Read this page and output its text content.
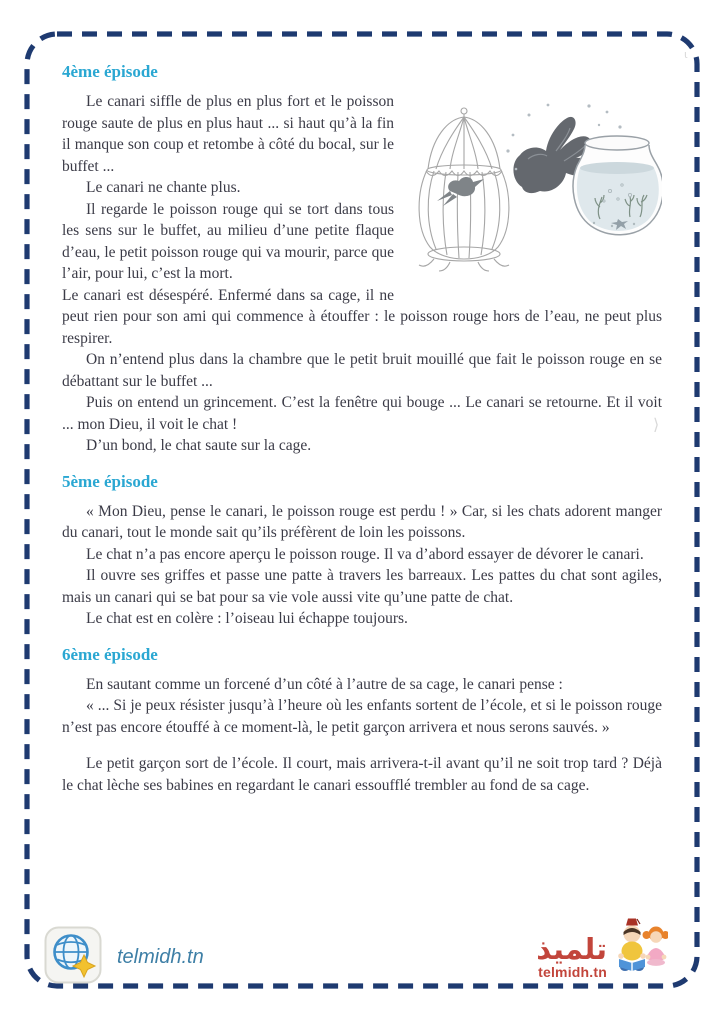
ι
⟩
4ème épisode

Le canari siffle de plus en plus fort et le poisson rouge saute de plus en plus haut ... si haut qu’à la fin il manque son coup et retombe à côté du bocal, sur le buffet ...

Le canari ne chante plus.

Il regarde le poisson rouge qui se tort dans tous les sens sur le buffet, au milieu d’une petite flaque d’eau, le petit poisson rouge qui va mourir, parce que l’air, pour lui, c’est la mort.

Le canari est désespéré. Enfermé dans sa cage, il ne peut rien pour son ami qui commence à étouffer : le poisson rouge hors de l’eau, ne peut plus respirer.

On n’entend plus dans la chambre que le petit bruit mouillé que fait le poisson rouge en se débattant sur le buffet ...

Puis on entend un grincement. C’est la fenêtre qui bouge ... Le canari se retourne. Et il voit ... mon Dieu, il voit le chat !

D’un bond, le chat saute sur la cage.

5ème épisode

« Mon Dieu, pense le canari, le poisson rouge est perdu ! » Car, si les chats adorent manger du canari, tout le monde sait qu’ils préfèrent de loin les poissons.

Le chat n’a pas encore aperçu le poisson rouge. Il va d’abord essayer de dévorer le canari.

Il ouvre ses griffes et passe une patte à travers les barreaux. Les pattes du chat sont agiles, mais un canari qui se bat pour sa vie vole aussi vite qu’une patte de chat.

Le chat est en colère : l’oiseau lui échappe toujours.

6ème épisode

En sautant comme un forcené d’un côté à l’autre de sa cage, le canari pense :

« ... Si je peux résister jusqu’à l’heure où les enfants sortent de l’école, et si le poisson rouge n’est pas encore étouffé à ce moment-là, le petit garçon arrivera et nous serons sauvés. »

Le petit garçon sort de l’école. Il court, mais arrivera-t-il avant qu’il ne soit trop tard ? Déjà le chat lèche ses babines en regardant le canari essoufflé trembler au fond de sa cage.

telmidh.tn	تلميذ
telmidh.tn
